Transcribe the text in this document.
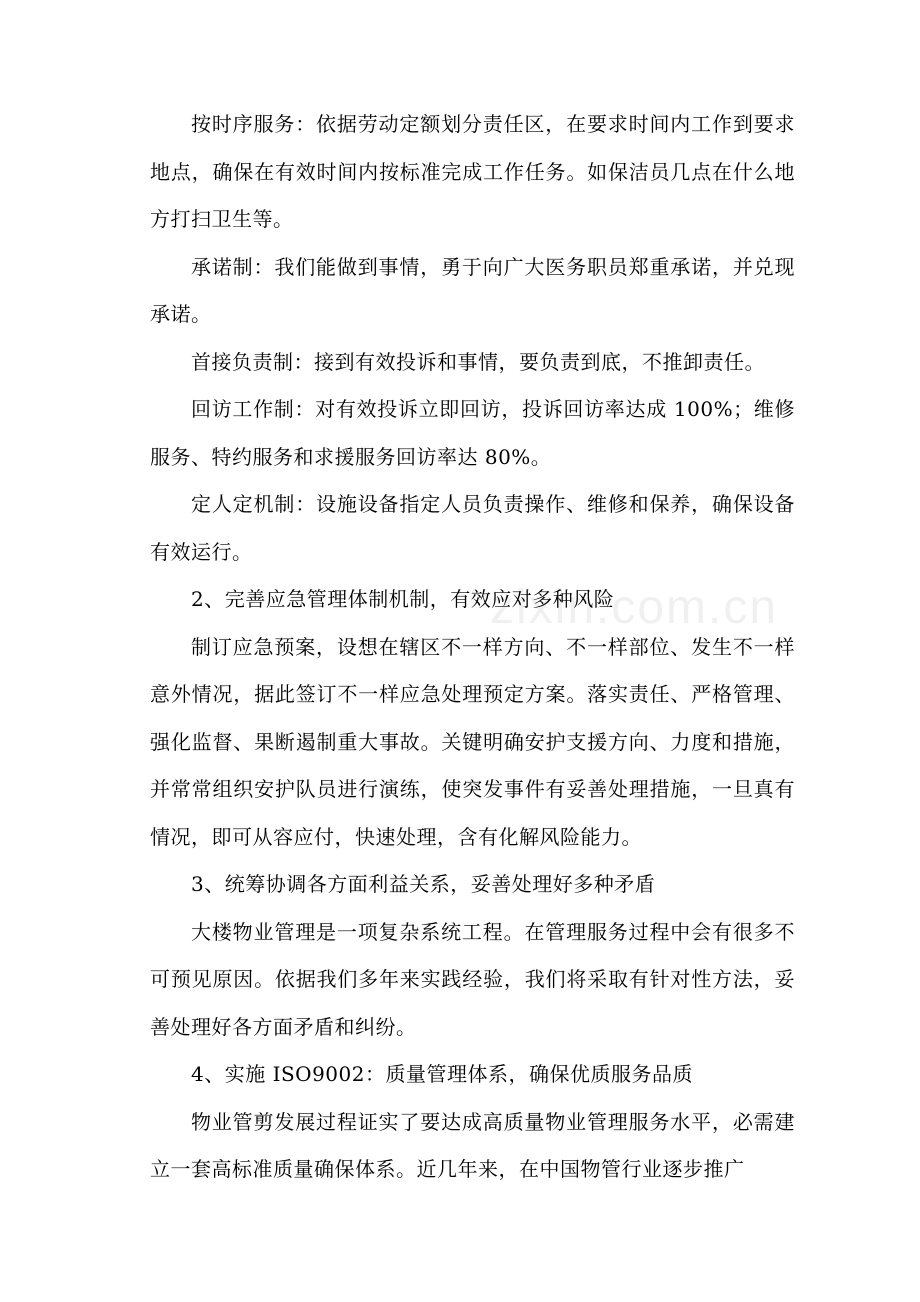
zixin.com.cn

按时序服务：依据劳动定额划分责任区，在要求时间内工作到要求地点，确保在有效时间内按标准完成工作任务。如保洁员几点在什么地方打扫卫生等。

承诺制：我们能做到事情，勇于向广大医务职员郑重承诺，并兑现承诺。

首接负责制：接到有效投诉和事情，要负责到底，不推卸责任。

回访工作制：对有效投诉立即回访，投诉回访率达成 100%；维修服务、特约服务和求援服务回访率达 80%。

定人定机制：设施设备指定人员负责操作、维修和保养，确保设备有效运行。

2、完善应急管理体制机制，有效应对多种风险

制订应急预案，设想在辖区不一样方向、不一样部位、发生不一样意外情况，据此签订不一样应急处理预定方案。落实责任、严格管理、强化监督、果断遏制重大事故。关键明确安护支援方向、力度和措施，并常常组织安护队员进行演练，使突发事件有妥善处理措施，一旦真有情况，即可从容应付，快速处理，含有化解风险能力。

3、统筹协调各方面利益关系，妥善处理好多种矛盾

大楼物业管理是一项复杂系统工程。在管理服务过程中会有很多不可预见原因。依据我们多年来实践经验，我们将采取有针对性方法，妥善处理好各方面矛盾和纠纷。

4、实施 ISO9002：质量管理体系，确保优质服务品质

物业管剪发展过程证实了要达成高质量物业管理服务水平，必需建立一套高标准质量确保体系。近几年来，在中国物管行业逐步推广
